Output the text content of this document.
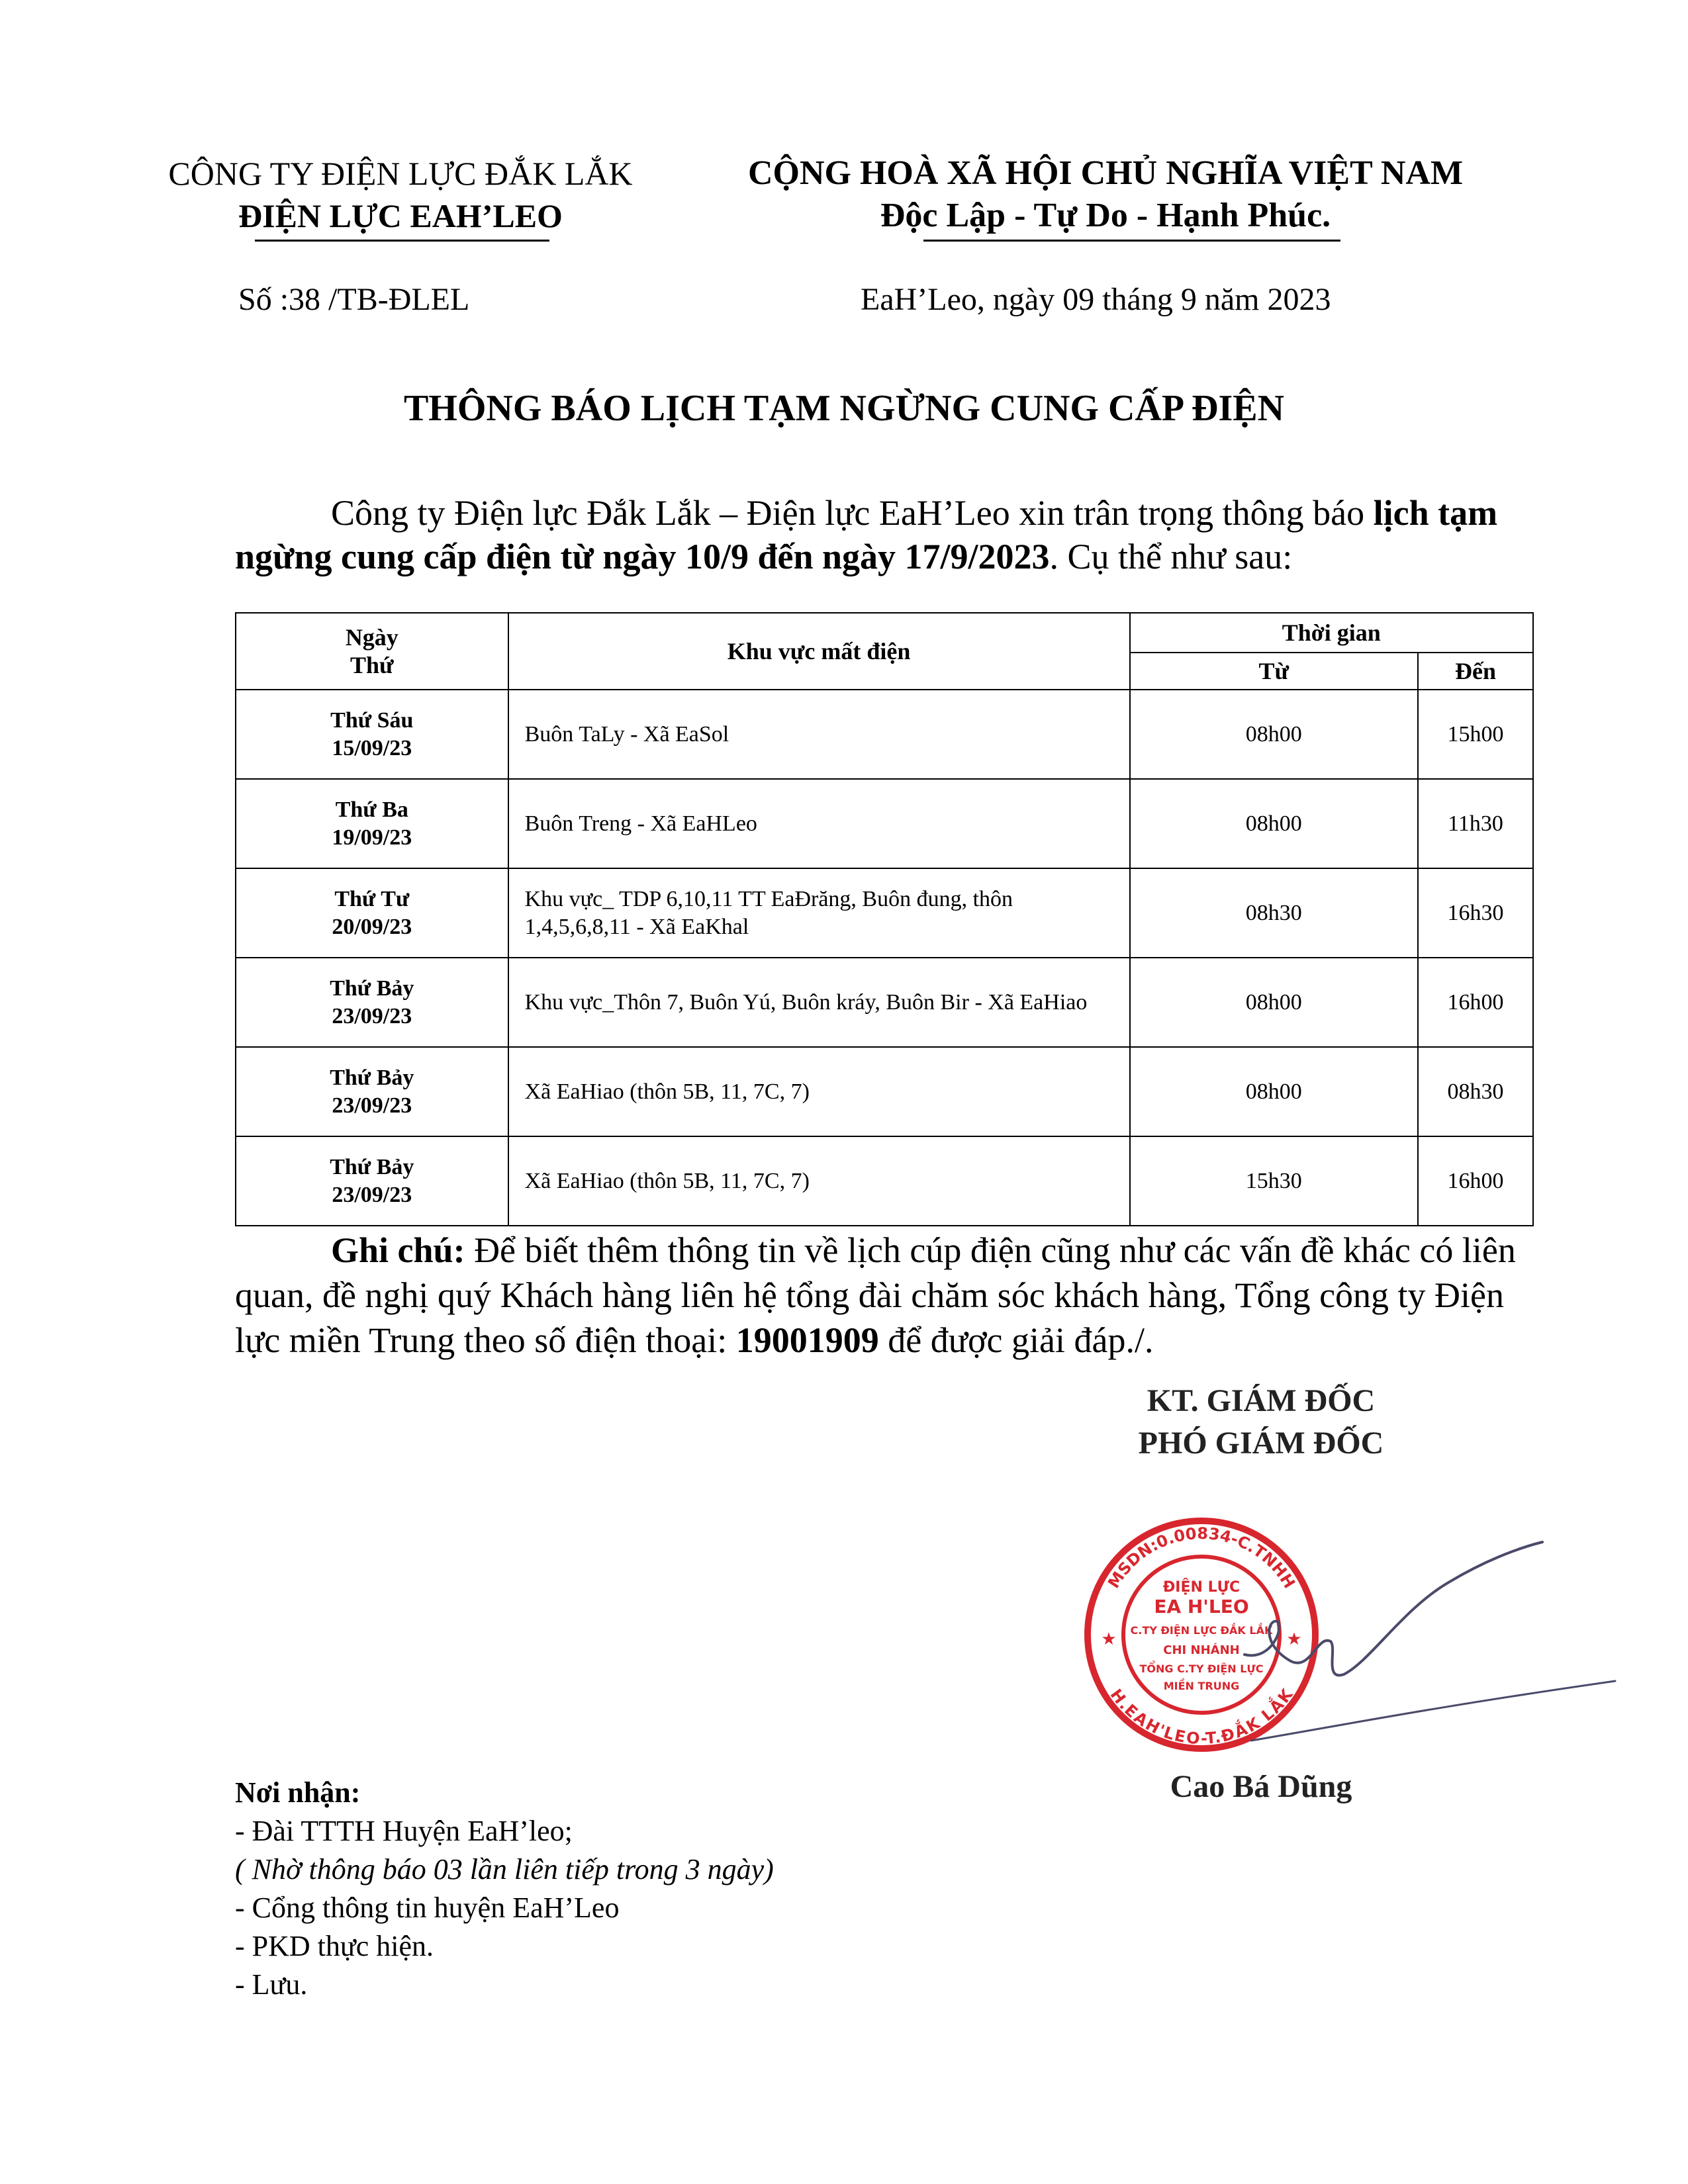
CÔNG TY ĐIỆN LỰC ĐẮK LẮK
ĐIỆN LỰC EAH’LEO
CỘNG HOÀ XÃ HỘI CHỦ NGHĨA VIỆT NAM
Độc Lập - Tự Do - Hạnh Phúc.
Số :38 /TB-ĐLEL	EaH’Leo, ngày 09 tháng 9 năm 2023
THÔNG BÁO LỊCH TẠM NGỪNG CUNG CẤP ĐIỆN
Công ty Điện lực Đắk Lắk – Điện lực EaH’Leo xin trân trọng thông báo lịch tạm ngừng cung cấp điện từ ngày 10/9 đến ngày 17/9/2023. Cụ thể như sau:
Ngày
Thứ	Khu vực mất điện	Thời gian	
		Từ	Đến

Thứ Sáu
15/09/23	Buôn TaLy - Xã EaSol	08h00	15h00

Thứ Ba
19/09/23	Buôn Treng - Xã EaHLeo	08h00	11h30

Thứ Tư
20/09/23	Khu vực_ TDP 6,10,11 TT EaĐrăng, Buôn đung, thôn 1,4,5,6,8,11 - Xã EaKhal	08h30	16h30

Thứ Bảy
23/09/23	Khu vực_Thôn 7, Buôn Yú, Buôn kráy, Buôn Bir - Xã EaHiao	08h00	16h00

Thứ Bảy
23/09/23	Xã EaHiao (thôn 5B, 11, 7C, 7)	08h00	08h30

Thứ Bảy
23/09/23	Xã EaHiao (thôn 5B, 11, 7C, 7)	15h30	16h00
Ghi chú: Để biết thêm thông tin về lịch cúp điện cũng như các vấn đề khác có liên quan, đề nghị quý Khách hàng liên hệ tổng đài chăm sóc khách hàng, Tổng công ty Điện lực miền Trung theo số điện thoại: 19001909 để được giải đáp./.
KT. GIÁM ĐỐC
PHÓ GIÁM ĐỐC
MSDN:0.00834-C.TNHH
H.EAH'LEO-T.ĐẮK LẮK
ĐIỆN LỰC
EA H'LEO
C.TY ĐIỆN LỰC ĐẮK LẮK
CHI NHÁNH
TỔNG C.TY ĐIỆN LỰC
MIỀN TRUNG
★	★
Cao Bá Dũng
Nơi nhận:
- Đài TTTH Huyện EaH’leo;
( Nhờ thông báo 03 lần liên tiếp trong 3 ngày)
- Cổng thông tin huyện EaH’Leo
- PKD thực hiện.
- Lưu.
